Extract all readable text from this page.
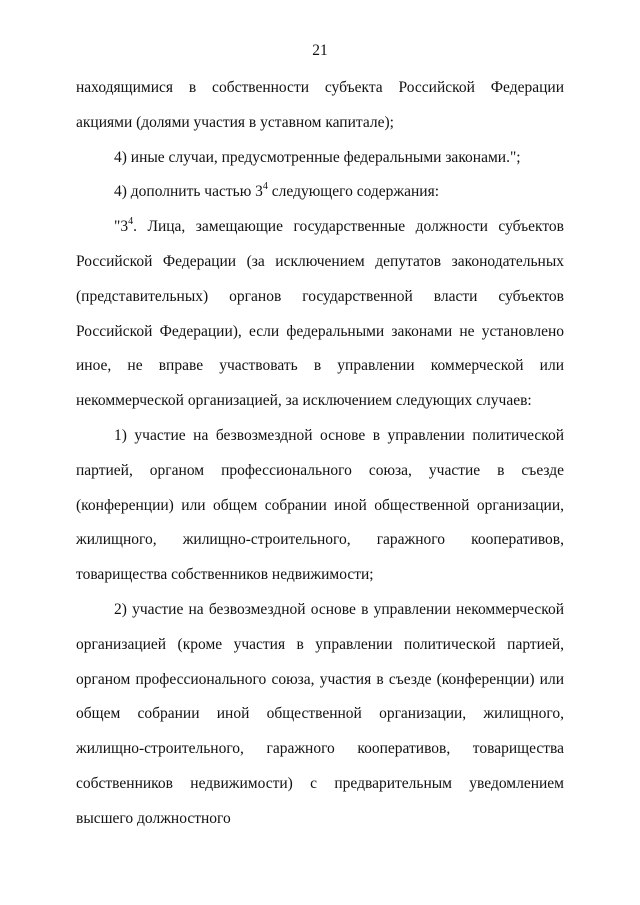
21

находящимися в собственности субъекта Российской Федерации акциями (долями участия в уставном капитале);

4) иные случаи, предусмотренные федеральными законами.";

4) дополнить частью $3^4$ следующего содержания:

"$3^4$. Лица, замещающие государственные должности субъектов Российской Федерации (за исключением депутатов законодательных (представительных) органов государственной власти субъектов Российской Федерации), если федеральными законами не установлено иное, не вправе участвовать в управлении коммерческой или некоммерческой организацией, за исключением следующих случаев:

1) участие на безвозмездной основе в управлении политической партией, органом профессионального союза, участие в съезде (конференции) или общем собрании иной общественной организации, жилищного, жилищно-строительного, гаражного кооперативов, товарищества собственников недвижимости;

2) участие на безвозмездной основе в управлении некоммерческой организацией (кроме участия в управлении политической партией, органом профессионального союза, участия в съезде (конференции) или общем собрании иной общественной организации, жилищного, жилищно-строительного, гаражного кооперативов, товарищества собственников недвижимости) с предварительным уведомлением высшего должностного
